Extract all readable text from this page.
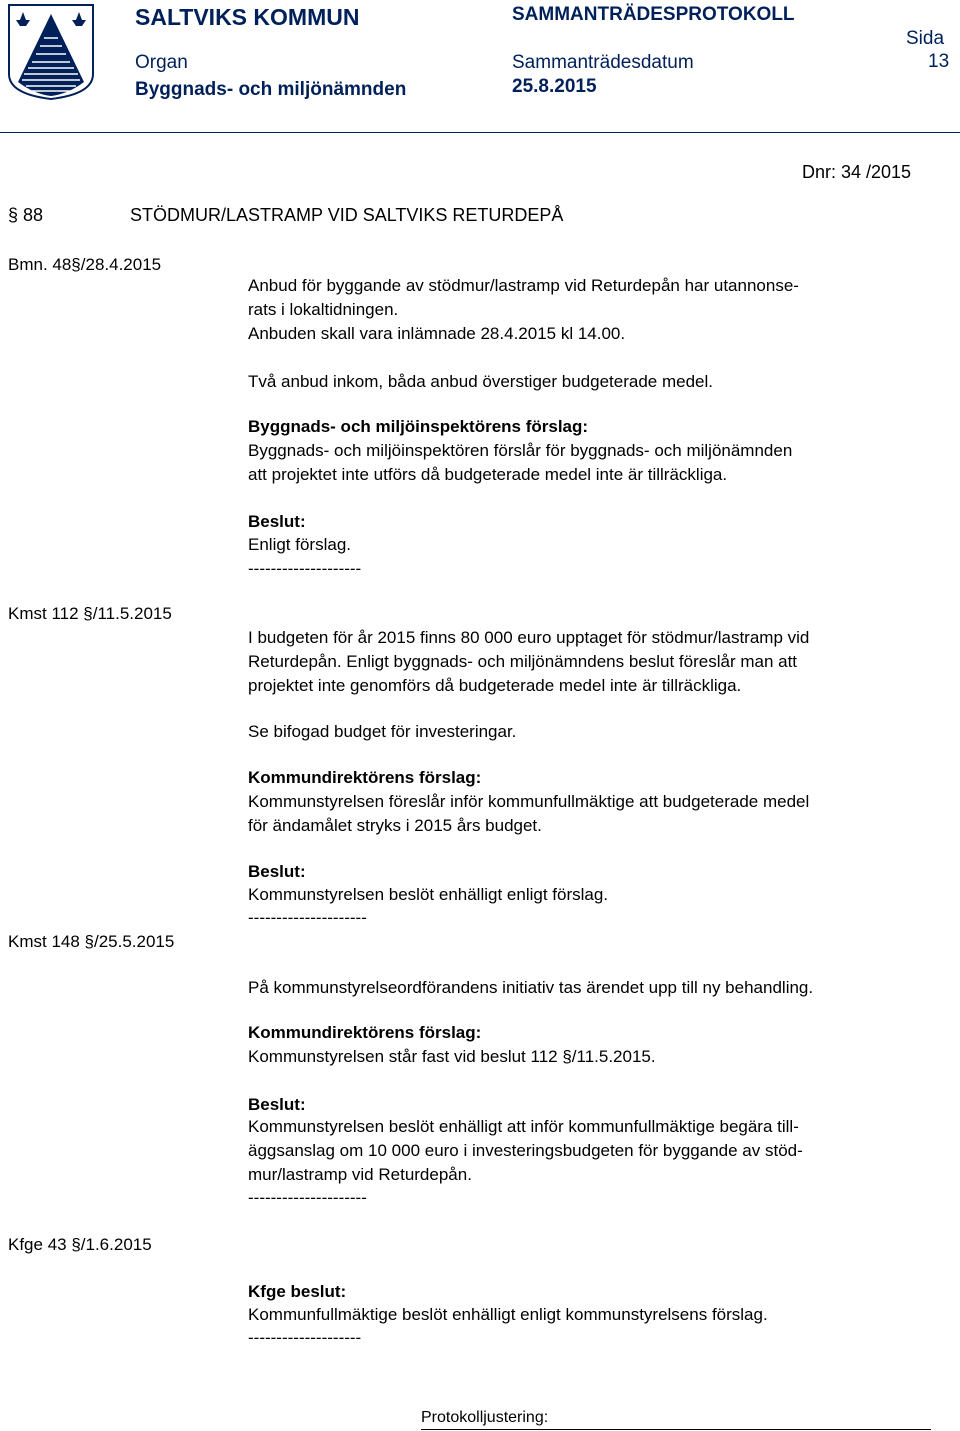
SALTVIKS KOMMUN	SAMMANTRÄDESPROTOKOLL
Sida
13
Organ
Byggnads- och miljönämnden
Sammanträdesdatum
25.8.2015
Dnr: 34 /2015
§ 88	STÖDMUR/LASTRAMP VID SALTVIKS RETURDEPÅ
Bmn. 48§/28.4.2015
Anbud för byggande av stödmur/lastramp vid Returdepån har utannonse-
rats i lokaltidningen.
Anbuden skall vara inlämnade 28.4.2015 kl 14.00.
Två anbud inkom, båda anbud överstiger budgeterade medel.
Byggnads- och miljöinspektörens förslag:
Byggnads- och miljöinspektören förslår för byggnads- och miljönämnden
att projektet inte utförs då budgeterade medel inte är tillräckliga.
Beslut:
Enligt förslag.
--------------------
Kmst 112 §/11.5.2015
I budgeten för år 2015 finns 80 000 euro upptaget för stödmur/lastramp vid
Returdepån. Enligt byggnads- och miljönämndens beslut föreslår man att
projektet inte genomförs då budgeterade medel inte är tillräckliga.
Se bifogad budget för investeringar.
Kommundirektörens förslag:
Kommunstyrelsen föreslår inför kommunfullmäktige att budgeterade medel
för ändamålet stryks i 2015 års budget.
Beslut:
Kommunstyrelsen beslöt enhälligt enligt förslag.
---------------------
Kmst 148 §/25.5.2015
På kommunstyrelseordförandens initiativ tas ärendet upp till ny behandling.
Kommundirektörens förslag:
Kommunstyrelsen står fast vid beslut 112 §/11.5.2015.
Beslut:
Kommunstyrelsen beslöt enhälligt att inför kommunfullmäktige begära till-
äggsanslag om 10 000 euro i investeringsbudgeten för byggande av stöd-
mur/lastramp vid Returdepån.
---------------------
Kfge 43 §/1.6.2015
Kfge beslut:
Kommunfullmäktige beslöt enhälligt enligt kommunstyrelsens förslag.
--------------------
Protokolljustering:
